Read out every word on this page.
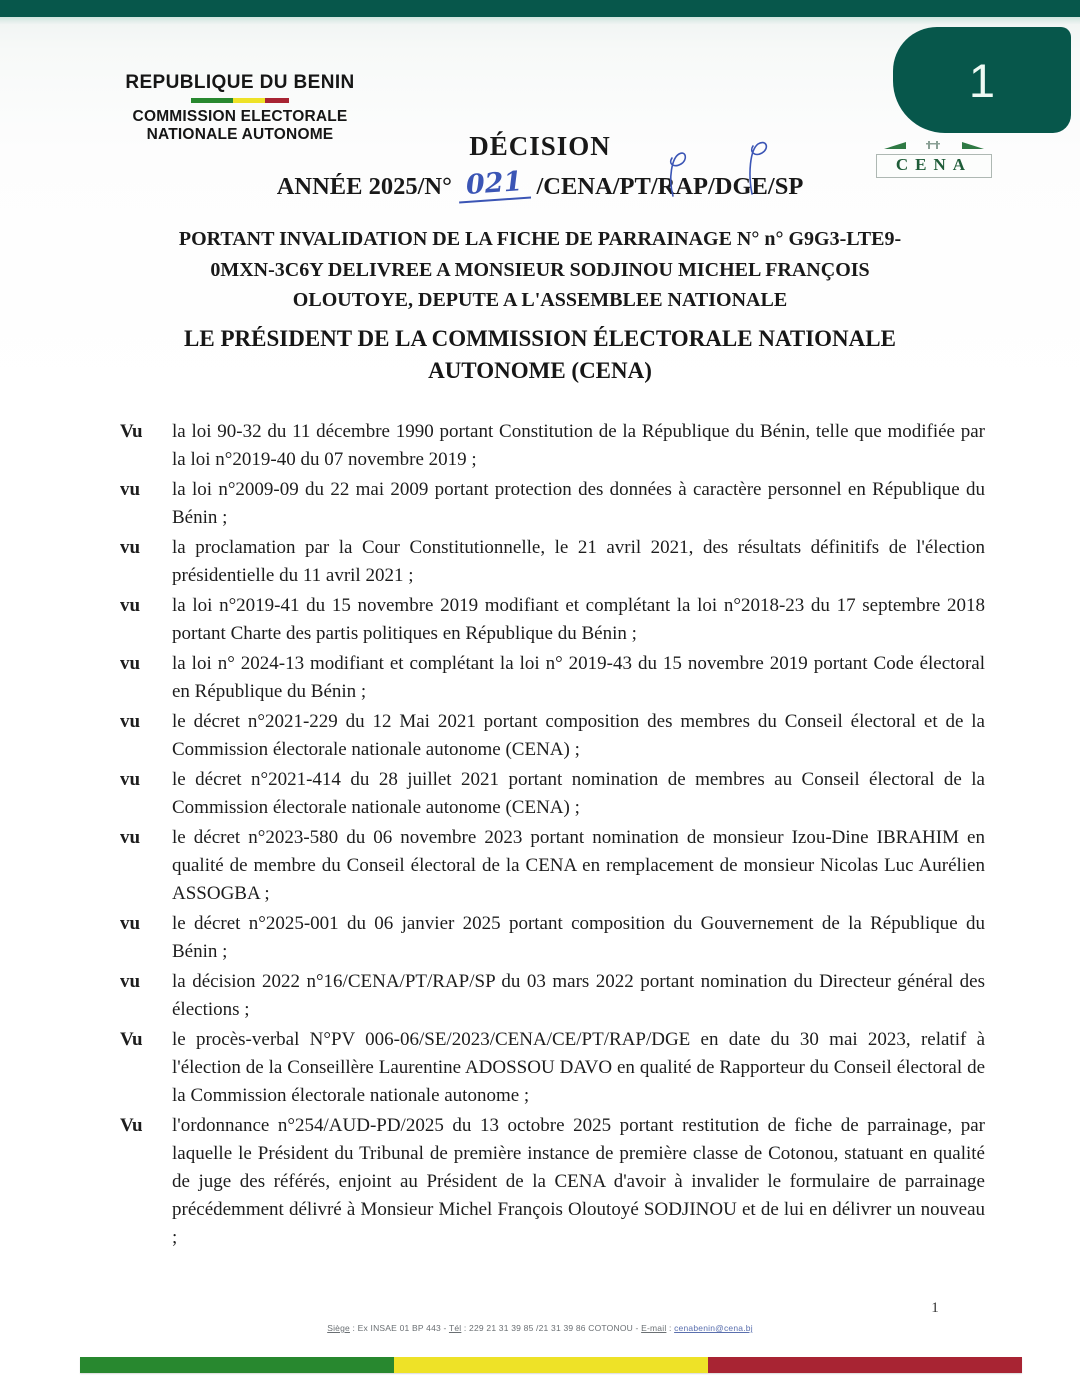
1
REPUBLIQUE DU BENIN
COMMISSION ELECTORALE
NATIONALE AUTONOME
CENA
DÉCISION
ANNÉE 2025/N° 021 /CENA/PT/RAP/DGE/SP
PORTANT INVALIDATION DE LA FICHE DE PARRAINAGE N° n° G9G3-LTE9-
0MXN-3C6Y DELIVREE A MONSIEUR SODJINOU MICHEL FRANÇOIS
OLOUTOYE, DEPUTE A L'ASSEMBLEE NATIONALE
LE PRÉSIDENT DE LA COMMISSION ÉLECTORALE NATIONALE
AUTONOME (CENA)
Vu	la loi 90-32 du 11 décembre 1990 portant Constitution de la République du Bénin, telle que modifiée par la loi n°2019-40 du 07 novembre 2019 ;
vu	la loi n°2009-09 du 22 mai 2009 portant protection des données à caractère personnel en République du Bénin ;
vu	la proclamation par la Cour Constitutionnelle, le 21 avril 2021, des résultats définitifs de l'élection présidentielle du 11 avril 2021 ;
vu	la loi n°2019-41 du 15 novembre 2019 modifiant et complétant la loi n°2018-23 du 17 septembre 2018 portant Charte des partis politiques en République du Bénin ;
vu	la loi n° 2024-13 modifiant et complétant la loi n° 2019-43 du 15 novembre 2019 portant Code électoral en République du Bénin ;
vu	le décret n°2021-229 du 12 Mai 2021 portant composition des membres du Conseil électoral et de la Commission électorale nationale autonome (CENA) ;
vu	le décret n°2021-414 du 28 juillet 2021 portant nomination de membres au Conseil électoral de la Commission électorale nationale autonome (CENA) ;
vu	le décret n°2023-580 du 06 novembre 2023 portant nomination de monsieur Izou-Dine IBRAHIM en qualité de membre du Conseil électoral de la CENA en remplacement de monsieur Nicolas Luc Aurélien ASSOGBA ;
vu	le décret n°2025-001 du 06 janvier 2025 portant composition du Gouvernement de la République du Bénin ;
vu	la décision 2022 n°16/CENA/PT/RAP/SP du 03 mars 2022 portant nomination du Directeur général des élections ;
Vu	le procès-verbal N°PV 006-06/SE/2023/CENA/CE/PT/RAP/DGE en date du 30 mai 2023, relatif à l'élection de la Conseillère Laurentine ADOSSOU DAVO en qualité de Rapporteur du Conseil électoral de la Commission électorale nationale autonome ;
Vu	l'ordonnance n°254/AUD-PD/2025 du 13 octobre 2025 portant restitution de fiche de parrainage, par laquelle le Président du Tribunal de première instance de première classe de Cotonou, statuant en qualité de juge des référés, enjoint au Président de la CENA d'avoir à invalider le formulaire de parrainage précédemment délivré à Monsieur Michel François Oloutoyé SODJINOU et de lui en délivrer un nouveau ;
1
Siège : Ex INSAE 01 BP 443 - Tél : 229 21 31 39 85 /21 31 39 86 COTONOU - E-mail : cenabenin@cena.bj
